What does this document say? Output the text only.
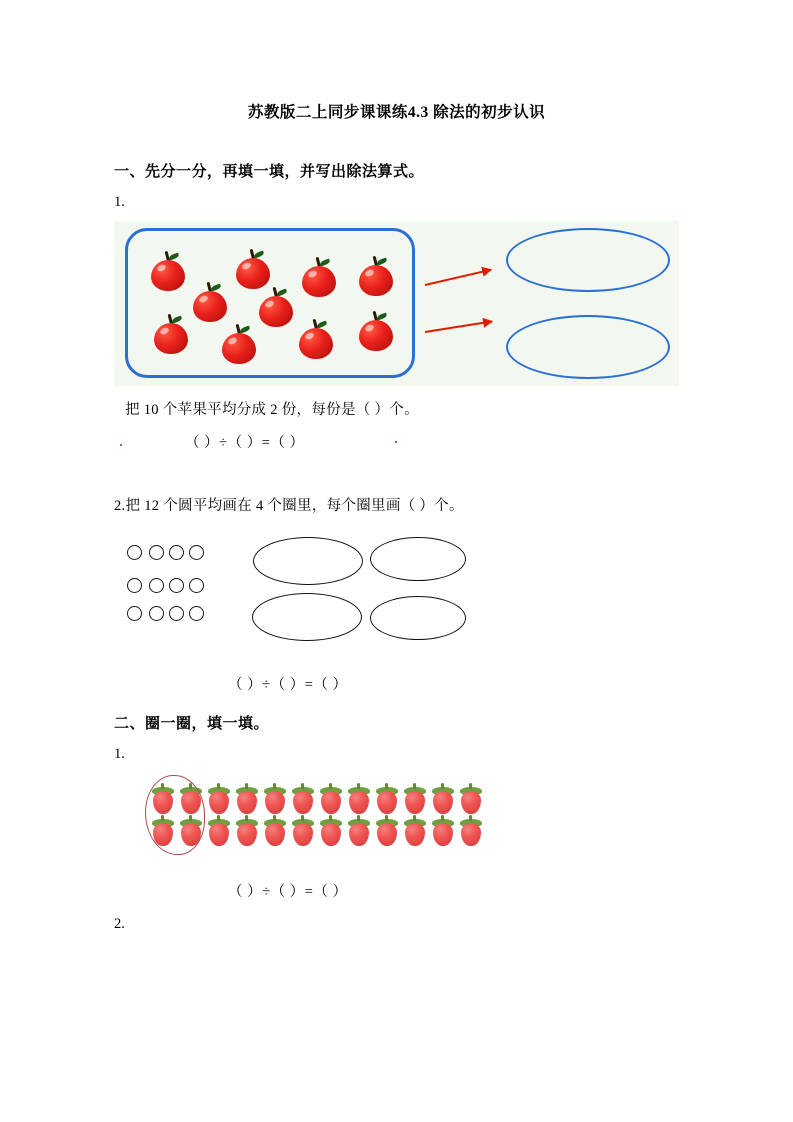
苏教版二上同步课课练4.3 除法的初步认识
一、先分一分，再填一填，并写出除法算式。
1.
把 10 个苹果平均分成 2 份，每份是（ ）个。
（ ）÷（ ）=（ ）
2.把 12 个圆平均画在 4 个圈里，每个圈里画（ ）个。
（ ）÷（ ）=（ ）
二、圈一圈，填一填。
1.
（ ）÷（ ）=（ ）
2.
